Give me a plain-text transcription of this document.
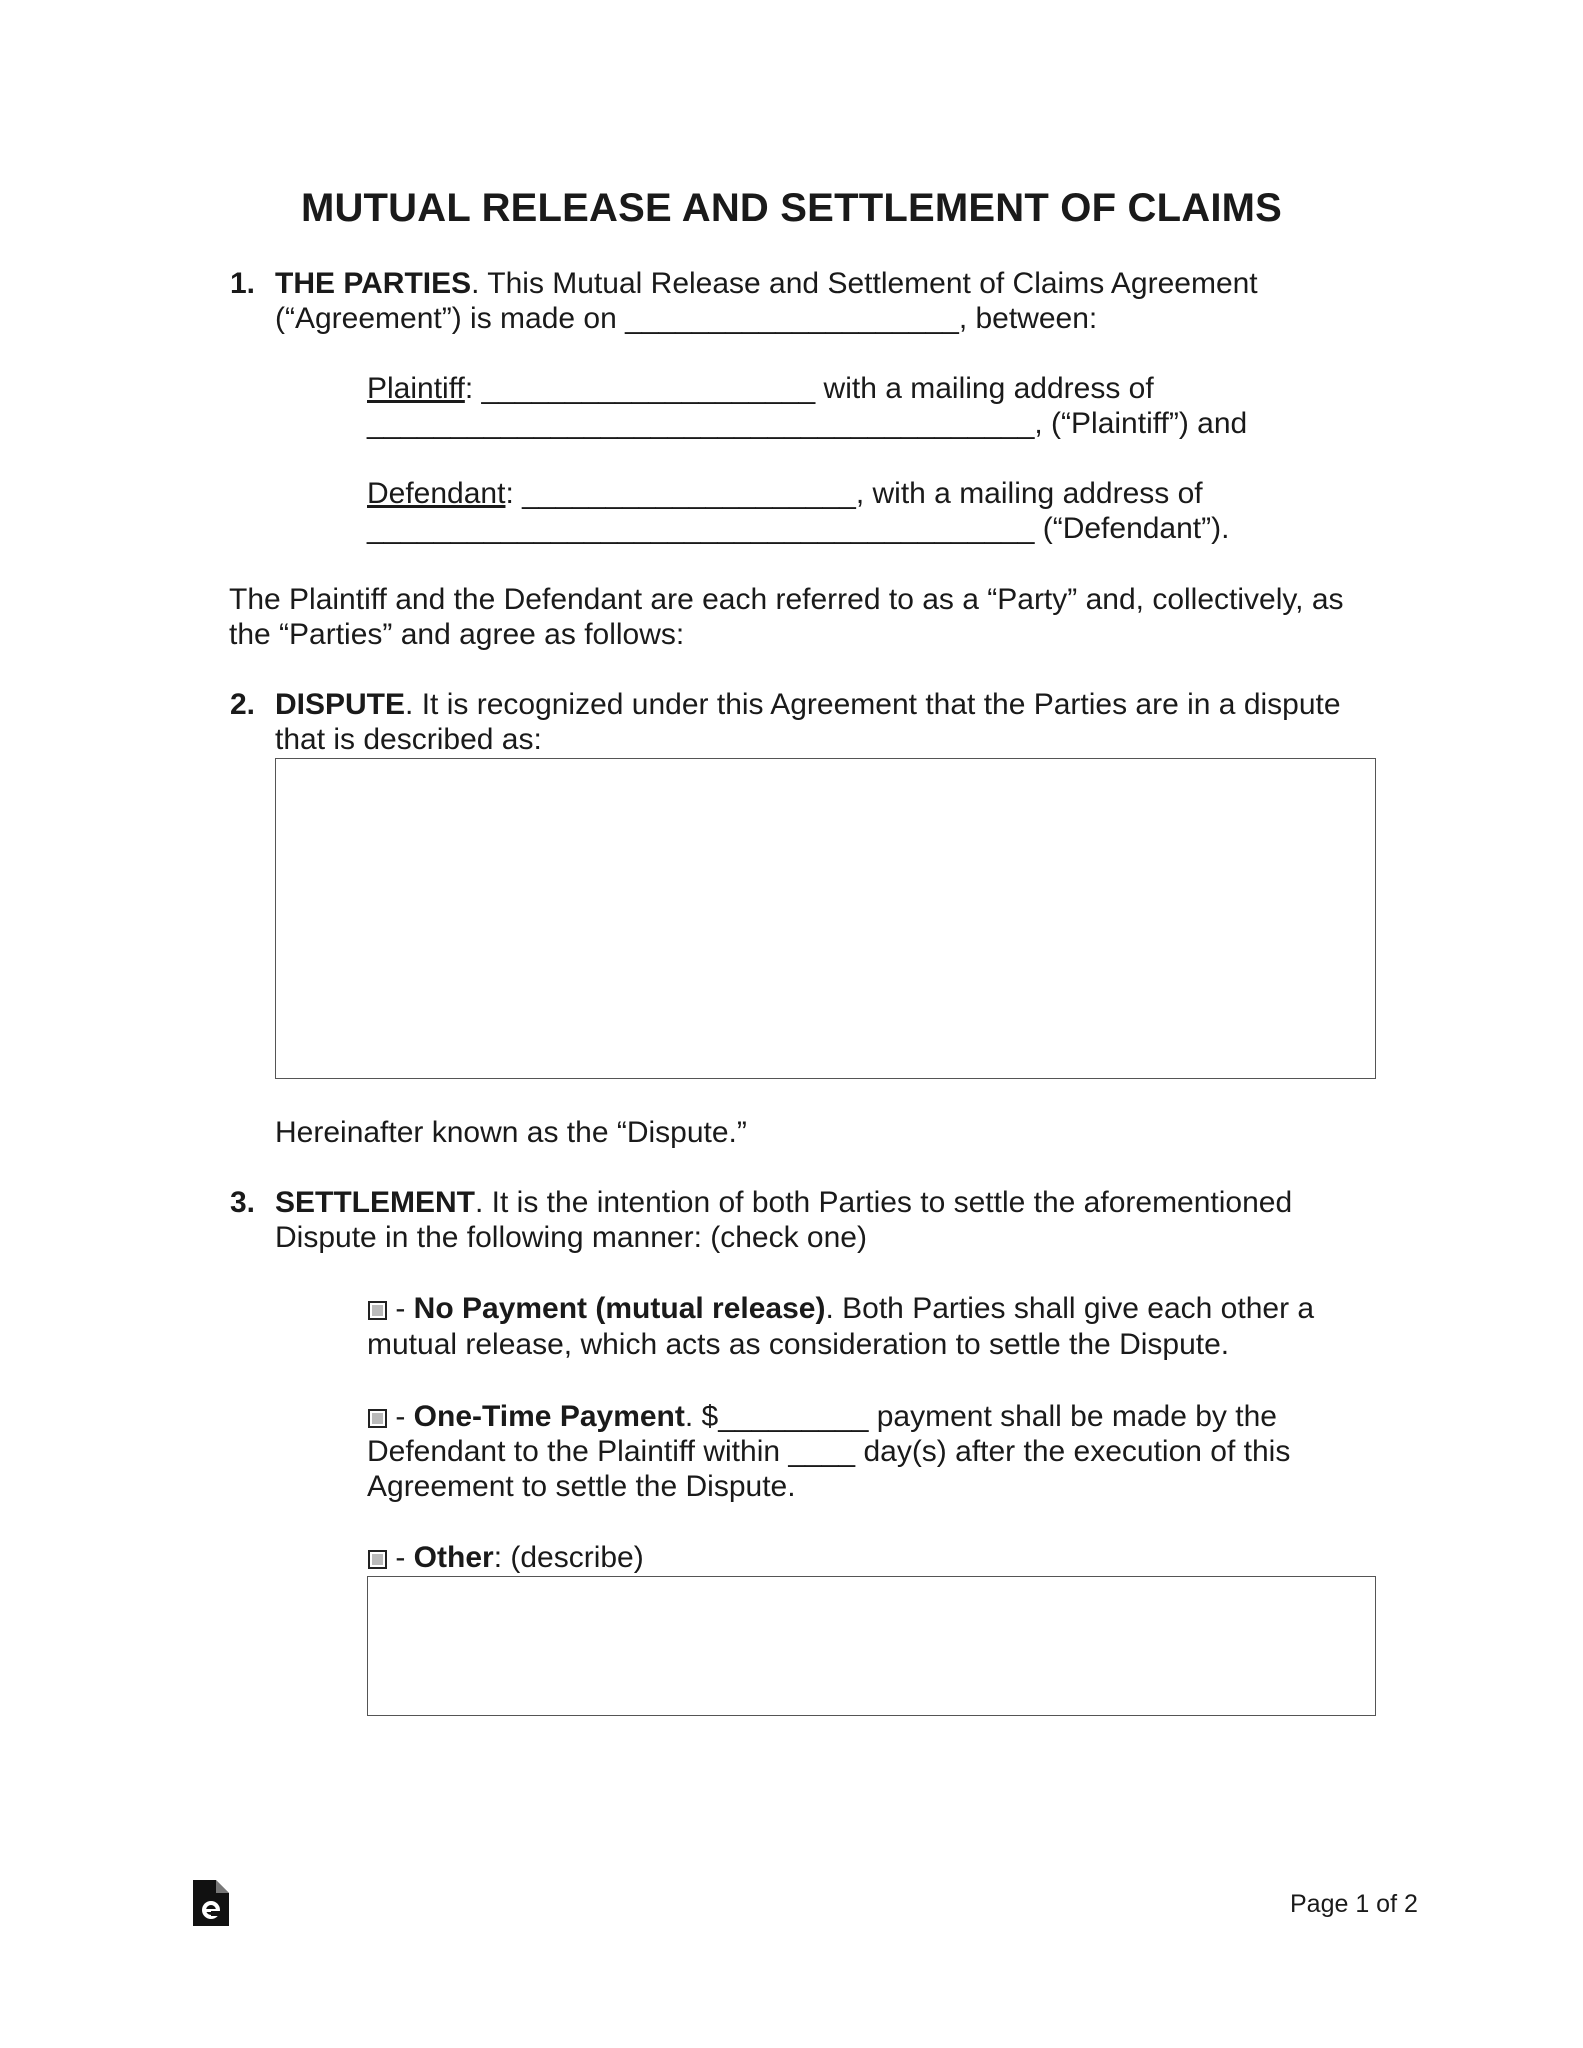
MUTUAL RELEASE AND SETTLEMENT OF CLAIMS
1. THE PARTIES. This Mutual Release and Settlement of Claims Agreement
(“Agreement”) is made on ____________________, between:
Plaintiff: ____________________ with a mailing address of
________________________________________, (“Plaintiff”) and
Defendant: ____________________, with a mailing address of
________________________________________ (“Defendant”).
The Plaintiff and the Defendant are each referred to as a “Party” and, collectively, as
the “Parties” and agree as follows:
2. DISPUTE. It is recognized under this Agreement that the Parties are in a dispute
that is described as:
Hereinafter known as the “Dispute.”
3. SETTLEMENT. It is the intention of both Parties to settle the aforementioned
Dispute in the following manner: (check one)
- No Payment (mutual release). Both Parties shall give each other a
mutual release, which acts as consideration to settle the Dispute.
- One-Time Payment. $_________ payment shall be made by the
Defendant to the Plaintiff within ____ day(s) after the execution of this
Agreement to settle the Dispute.
- Other: (describe)
Page 1 of 2
